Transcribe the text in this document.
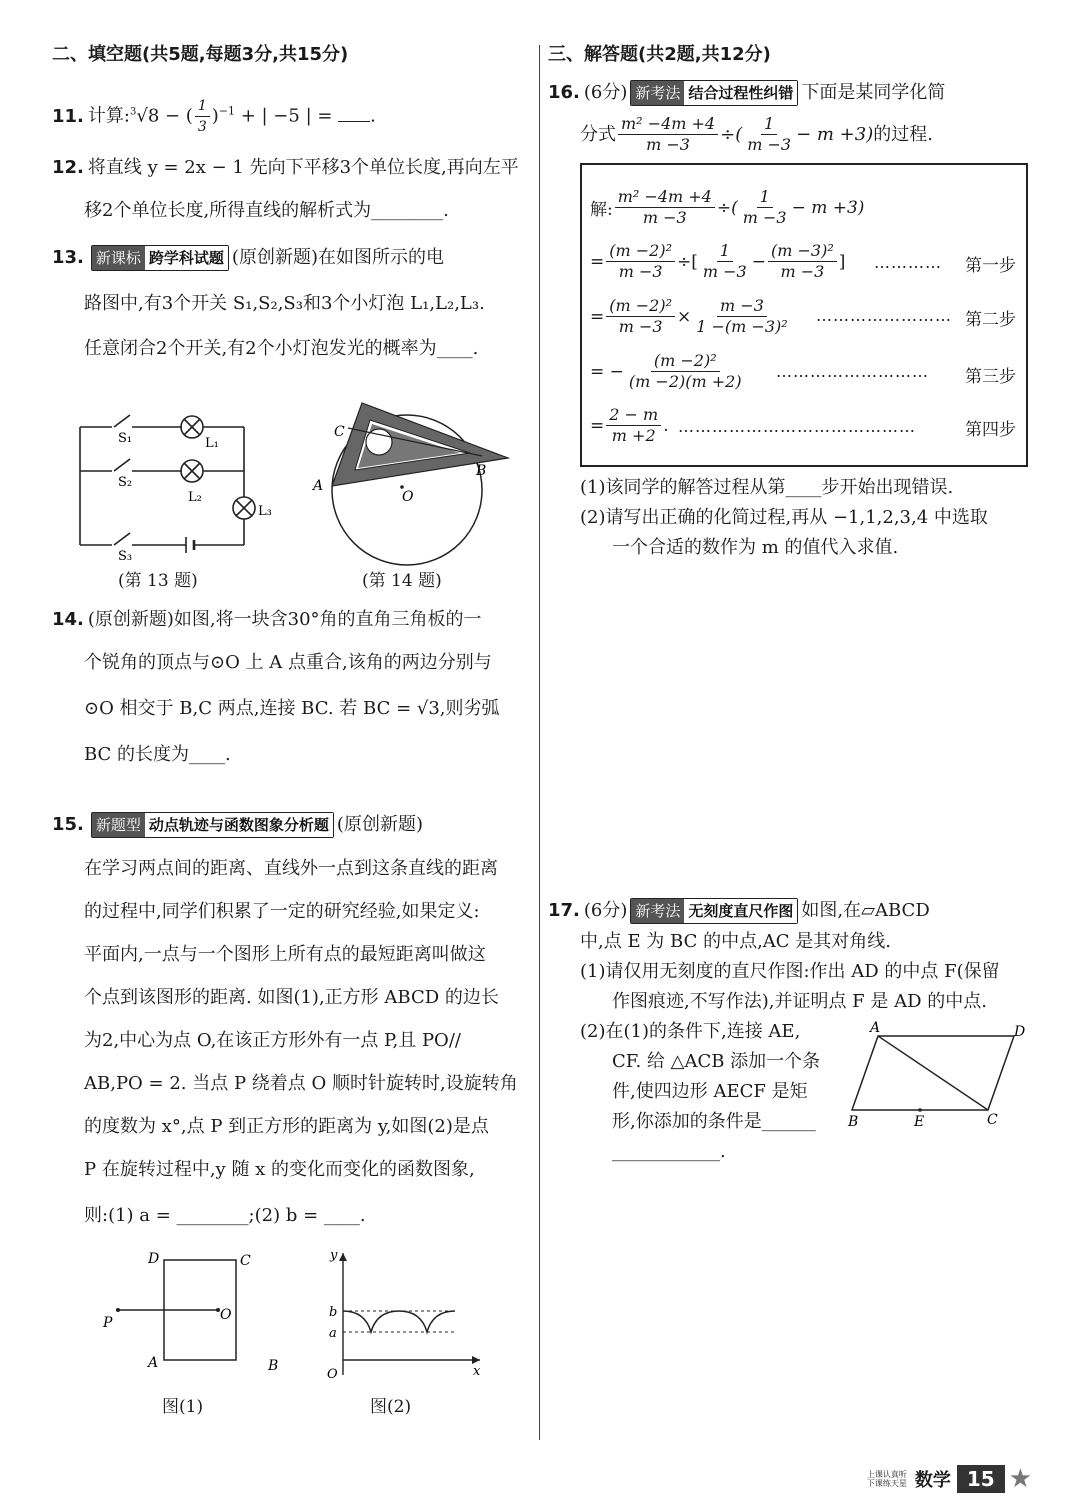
二、填空题(共5题,每题3分,共15分)

11. 计算:$^3$√8 − ( $\frac{1}{3} )^{-1}$ + | −5 | = .

12. 将直线 y = 2x − 1 先向下平移3个单位长度,再向左平

移2个单位长度,所得直线的解析式为________.

13. 新课标 跨学科试题 (原创新题)在如图所示的电

路图中,有3个开关 S₁,S₂,S₃和3个小灯泡 L₁,L₂,L₃.

任意闭合2个开关,有2个小灯泡发光的概率为____.

S₁
S₂
S₃
L₁
L₂
L₃
(第 13 题)
A
C
B
O
(第 14 题)

14. (原创新题)如图,将一块含30°角的直角三角板的一

个锐角的顶点与⊙O 上 A 点重合,该角的两边分别与

⊙O 相交于 B,C 两点,连接 BC. 若 BC = √3,则劣弧

BC 的长度为____.

15. 新题型 动点轨迹与函数图象分析题 (原创新题)

在学习两点间的距离、直线外一点到这条直线的距离

的过程中,同学们积累了一定的研究经验,如果定义:

平面内,一点与一个图形上所有点的最短距离叫做这

个点到该图形的距离. 如图(1),正方形 ABCD 的边长

为2,中心为点 O,在该正方形外有一点 P,且 PO//

AB,PO = 2. 当点 P 绕着点 O 顺时针旋转时,设旋转角

的度数为 x°,点 P 到正方形的距离为 y,如图(2)是点

P 在旋转过程中,y 随 x 的变化而变化的函数图象,

则:(1) a = ________;(2) b = ____.

D	C
A	B
P	O
图(1)
y
x
O
b
a
图(2)

三、解答题(共2题,共12分)

16. (6分) 新考法 结合过程性纠错 下面是某同学化简

分式 $\frac{\text{m² −4m +4}}{m -3}$ ÷( $\frac{1}{m -3} - m +3$) 的过程.
解: $\frac{\text{m² −4m +4}}{m -3}$ ÷( $\frac{1}{m -3} - m +3$)
= $\frac{\text{(m −2)²}}{m -3}$ ÷[ $\frac{1}{m -3} - \frac{\text{(m −3)²}}{m -3}$ ] ………… 第一步
= $\frac{\text{(m −2)²}}{m -3} \times \frac{m -3}{\text{1 −(m −3)²}}$ …………………… 第二步
= − $\frac{\text{(m −2)²}}{(m -2)(m +2)}$ ……………………… 第三步
= $\frac{2 - m}{m +2}$ . ……………………………………	第四步

(1)该同学的解答过程从第____步开始出现错误.

(2)请写出正确的化简过程,再从 −1,1,2,3,4 中选取

一个合适的数作为 m 的值代入求值.

17. (6分) 新考法 无刻度直尺作图 如图,在▱ABCD

中,点 E 为 BC 的中点,AC 是其对角线.

(1)请仅用无刻度的直尺作图:作出 AD 的中点 F(保留

作图痕迹,不写作法),并证明点 F 是 AD 的中点.

(2)在(1)的条件下,连接 AE,

CF. 给 △ACB 添加一个条

件,使四边形 AECF 是矩

形,你添加的条件是______

____________.

A	D
B	E	C
上课认真听
下课练天星 数学 15 ★
